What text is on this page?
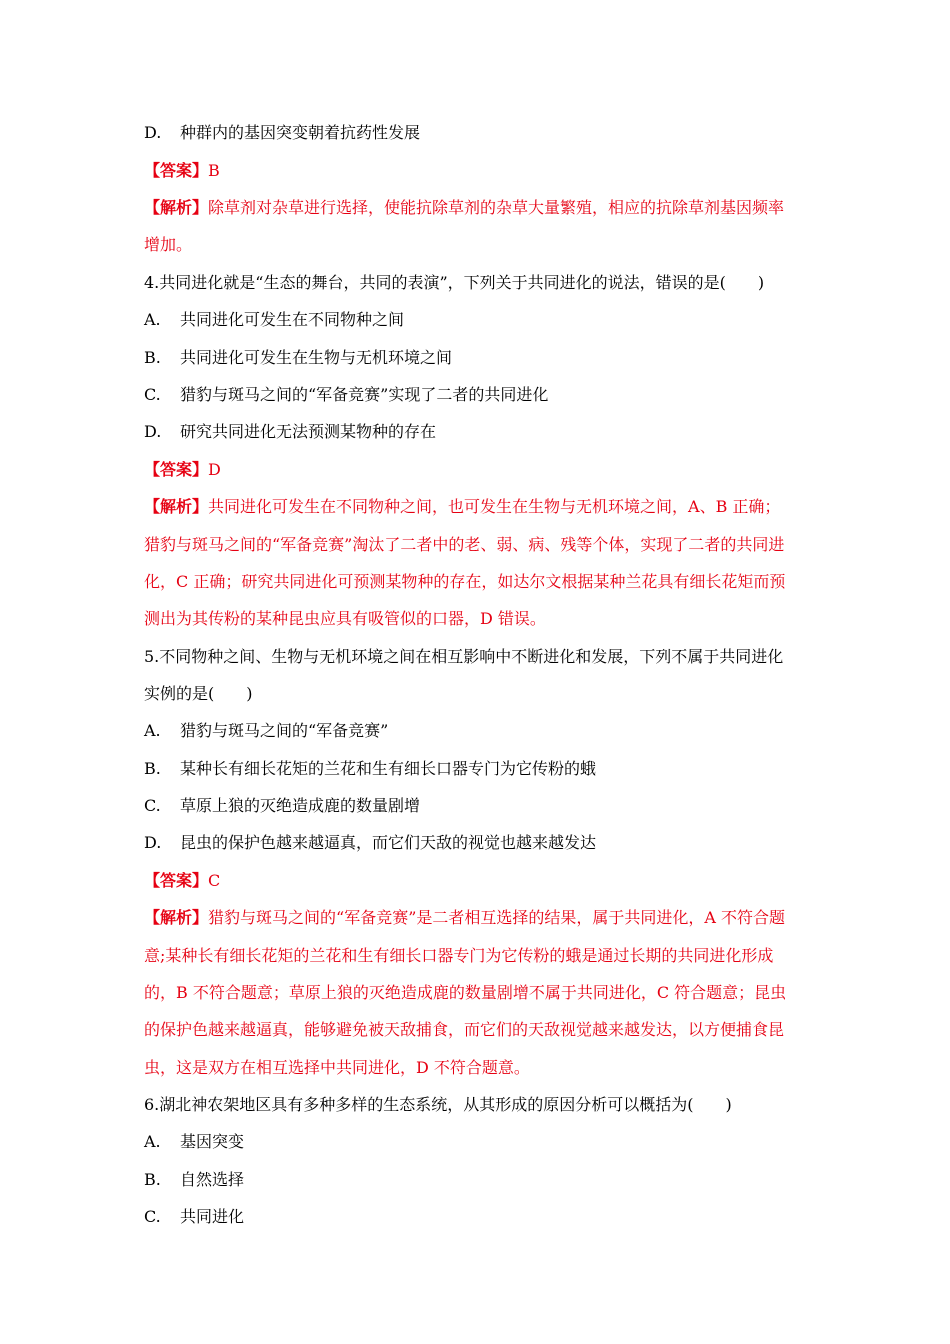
D. 种群内的基因突变朝着抗药性发展
【答案】B
【解析】除草剂对杂草进行选择，使能抗除草剂的杂草大量繁殖，相应的抗除草剂基因频率
增加。
4.共同进化就是“生态的舞台，共同的表演”，下列关于共同进化的说法，错误的是(　　)
A. 共同进化可发生在不同物种之间
B. 共同进化可发生在生物与无机环境之间
C. 猎豹与斑马之间的“军备竞赛”实现了二者的共同进化
D. 研究共同进化无法预测某物种的存在
【答案】D
【解析】共同进化可发生在不同物种之间，也可发生在生物与无机环境之间，A、B 正确；
猎豹与斑马之间的“军备竞赛”淘汰了二者中的老、弱、病、残等个体，实现了二者的共同进
化，C 正确；研究共同进化可预测某物种的存在，如达尔文根据某种兰花具有细长花矩而预
测出为其传粉的某种昆虫应具有吸管似的口器，D 错误。
5.不同物种之间、生物与无机环境之间在相互影响中不断进化和发展，下列不属于共同进化
实例的是(　　)
A. 猎豹与斑马之间的“军备竞赛”
B. 某种长有细长花矩的兰花和生有细长口器专门为它传粉的蛾
C. 草原上狼的灭绝造成鹿的数量剧增
D. 昆虫的保护色越来越逼真，而它们天敌的视觉也越来越发达
【答案】C
【解析】猎豹与斑马之间的“军备竞赛”是二者相互选择的结果，属于共同进化，A 不符合题
意;某种长有细长花矩的兰花和生有细长口器专门为它传粉的蛾是通过长期的共同进化形成
的，B 不符合题意；草原上狼的灭绝造成鹿的数量剧增不属于共同进化，C 符合题意；昆虫
的保护色越来越逼真，能够避免被天敌捕食，而它们的天敌视觉越来越发达，以方便捕食昆
虫，这是双方在相互选择中共同进化，D 不符合题意。
6.湖北神农架地区具有多种多样的生态系统，从其形成的原因分析可以概括为(　　)
A. 基因突变
B. 自然选择
C. 共同进化
